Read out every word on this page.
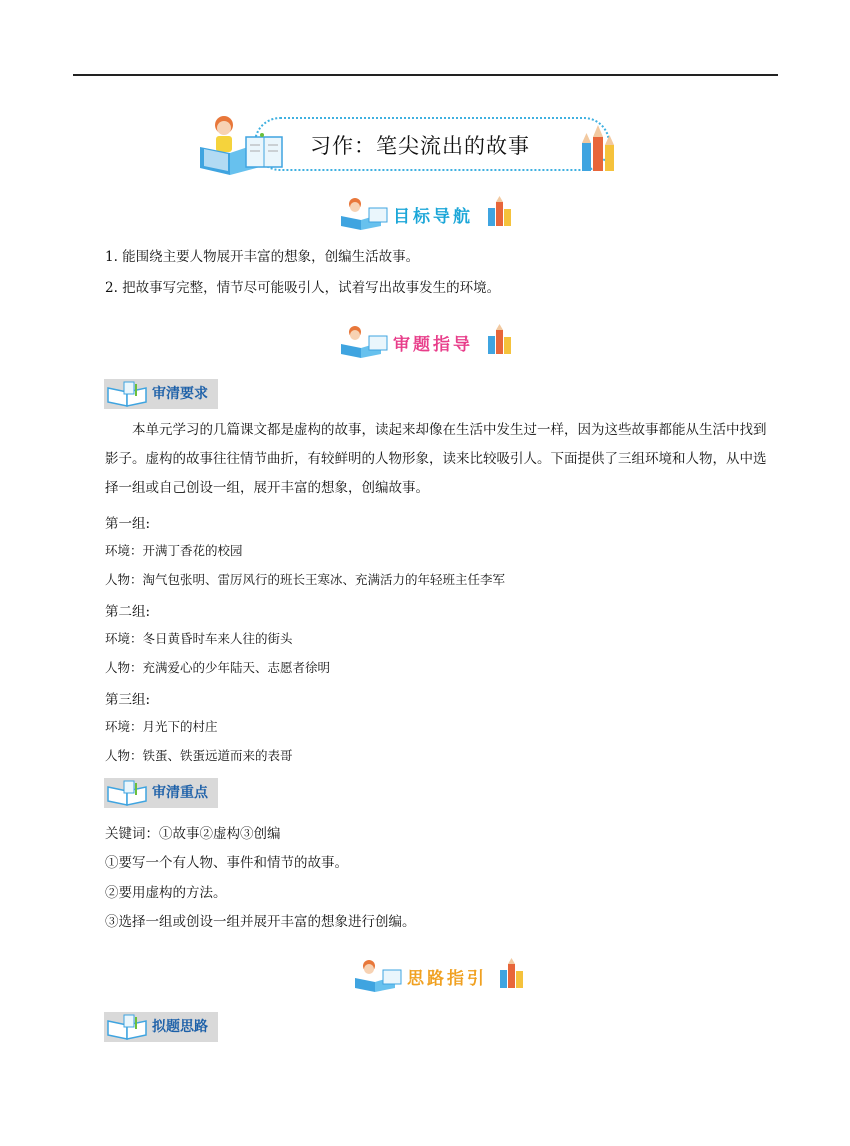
习作：笔尖流出的故事
目标导航
1. 能围绕主要人物展开丰富的想象，创编生活故事。
2. 把故事写完整，情节尽可能吸引人，试着写出故事发生的环境。
审题指导
审清要求
本单元学习的几篇课文都是虚构的故事，读起来却像在生活中发生过一样，因为这些故事都能从生活中找到影子。虚构的故事往往情节曲折，有较鲜明的人物形象，读来比较吸引人。下面提供了三组环境和人物，从中选择一组或自己创设一组，展开丰富的想象，创编故事。
第一组:
环境：开满丁香花的校园
人物：淘气包张明、雷厉风行的班长王寒冰、充满活力的年轻班主任李军
第二组:
环境：冬日黄昏时车来人往的街头
人物：充满爱心的少年陆天、志愿者徐明
第三组:
环境：月光下的村庄
人物：铁蛋、铁蛋远道而来的表哥
审清重点
关键词：①故事②虚构③创编
①要写一个有人物、事件和情节的故事。
②要用虚构的方法。
③选择一组或创设一组并展开丰富的想象进行创编。
思路指引
拟题思路
